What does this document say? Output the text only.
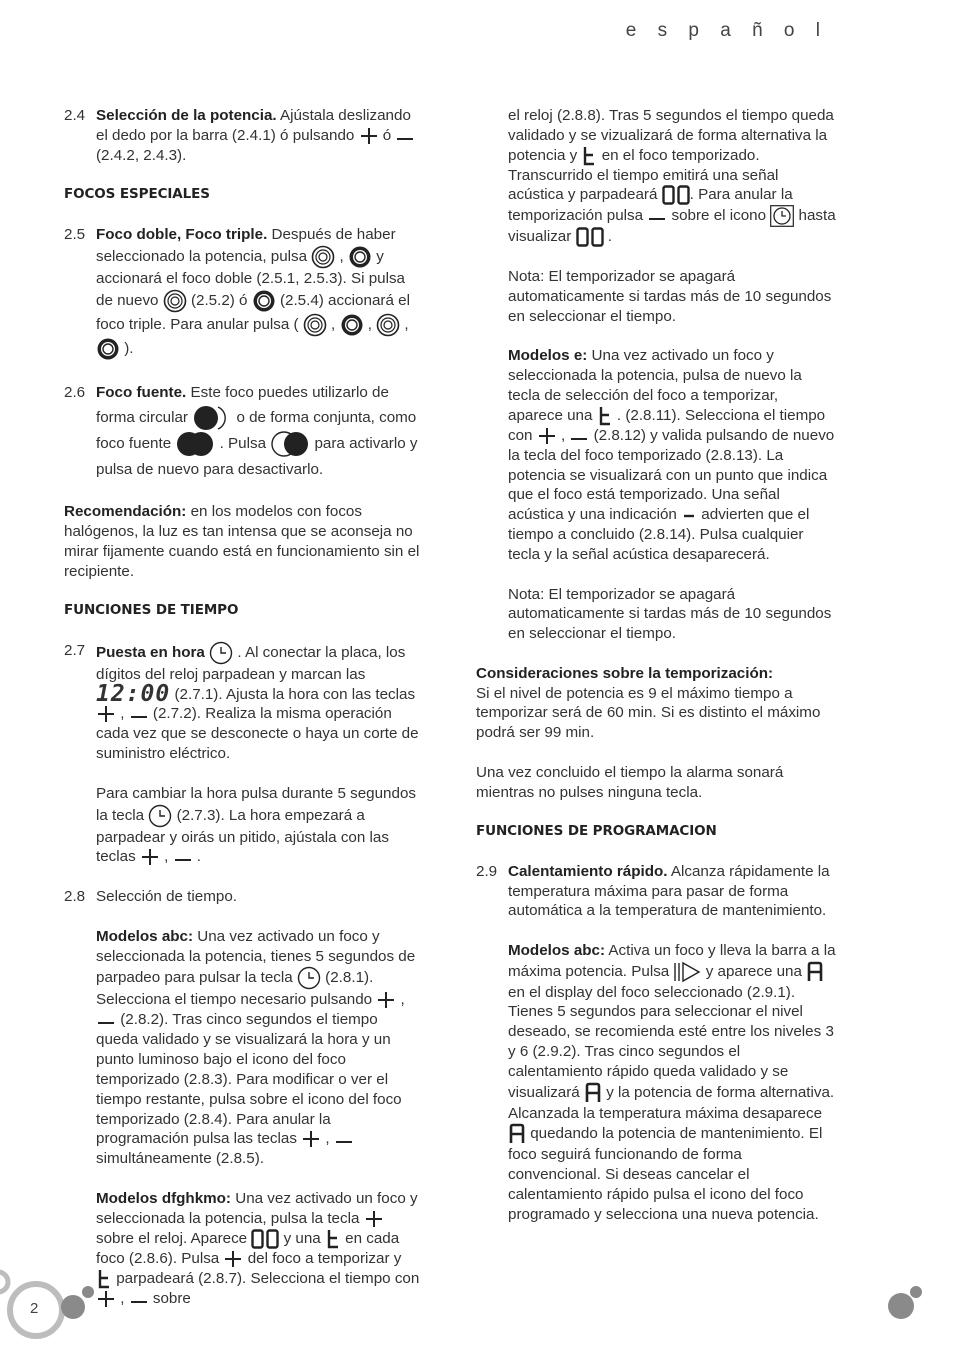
e s p a ñ o l
2.4 Selección de la potencia. Ajústala deslizando el dedo por la barra (2.4.1) ó pulsando  ó  (2.4.2, 2.4.3).
FOCOS ESPECIALES
2.5 Foco doble, Foco triple. Después de haber seleccionado la potencia, pulsa  ,  y accionará el foco doble (2.5.1, 2.5.3). Si pulsa de nuevo  (2.5.2) ó  (2.5.4) accionará el foco triple. Para anular pulsa (  ,  ,  ,  ).
2.6 Foco fuente. Este foco puedes utilizarlo de forma circular	o de forma conjunta, como foco fuente	. Pulsa	para activarlo y pulsa de nuevo para desactivarlo.
Recomendación: en los modelos con focos halógenos, la luz es tan intensa que se aconseja no mirar fijamente cuando está en funcionamiento sin el recipiente.
FUNCIONES DE TIEMPO
2.7 Puesta en hora  . Al conectar la placa, los dígitos del reloj parpadean y marcan las 12:00 (2.7.1). Ajusta la hora con las teclas  ,  (2.7.2). Realiza la misma operación cada vez que se desconecte o haya un corte de suministro eléctrico.
Para cambiar la hora pulsa durante 5 segundos la tecla  (2.7.3). La hora empezará a parpadear y oirás un pitido, ajústala con las teclas  ,  .
2.8 Selección de tiempo.
Modelos abc: Una vez activado un foco y seleccionada la potencia, tienes 5 segundos de parpadeo para pulsar la tecla  (2.8.1). Selecciona el tiempo necesario pulsando  ,  (2.8.2). Tras cinco segundos el tiempo queda validado y se visualizará la hora y un punto luminoso bajo el icono del foco temporizado (2.8.3). Para modificar o ver el tiempo restante, pulsa sobre el icono del foco temporizado (2.8.4). Para anular la programación pulsa las teclas  ,  simultáneamente (2.8.5).
Modelos dfghkmo: Una vez activado un foco y seleccionada la potencia, pulsa la tecla  sobre el reloj. Aparece  y una  en cada foco (2.8.6). Pulsa  del foco a temporizar y  parpadeará (2.8.7). Selecciona el tiempo con  ,  sobre
el reloj (2.8.8). Tras 5 segundos el tiempo queda validado y se vizualizará de forma alternativa la potencia y  en el foco temporizado. Transcurrido el tiempo emitirá una señal acústica y parpadeará . Para anular la temporización pulsa  sobre el icono  hasta visualizar  .
Nota: El temporizador se apagará automaticamente si tardas más de 10 segundos en seleccionar el tiempo.
Modelos e: Una vez activado un foco y seleccionada la potencia, pulsa de nuevo la tecla de selección del foco a temporizar, aparece una  . (2.8.11). Selecciona el tiempo con  ,  (2.8.12) y valida pulsando de nuevo la tecla del foco temporizado (2.8.13). La potencia se visualizará con un punto que indica que el foco está temporizado. Una señal acústica y una indicación  advierten que el tiempo a concluido (2.8.14). Pulsa cualquier tecla y la señal acústica desaparecerá.
Nota: El temporizador se apagará automaticamente si tardas más de 10 segundos en seleccionar el tiempo.
Consideraciones sobre la temporización:
Si el nivel de potencia es 9 el máximo tiempo a temporizar será de 60 min. Si es distinto el máximo podrá ser 99 min.
Una vez concluido el tiempo la alarma sonará mientras no pulses ninguna tecla.
FUNCIONES DE PROGRAMACION
2.9 Calentamiento rápido. Alcanza rápidamente la temperatura máxima para pasar de forma automática a la temperatura de mantenimiento.
Modelos abc: Activa un foco y lleva la barra a la máxima potencia. Pulsa  y aparece una  en el display del foco seleccionado (2.9.1). Tienes 5 segundos para seleccionar el nivel deseado, se recomienda esté entre los niveles 3 y 6 (2.9.2). Tras cinco segundos el calentamiento rápido queda validado y se visualizará  y la potencia de forma alternativa. Alcanzada la temperatura máxima desaparece  quedando la potencia de mantenimiento. El foco seguirá funcionando de forma convencional. Si deseas cancelar el calentamiento rápido pulsa el icono del foco programado y selecciona una nueva potencia.
2
